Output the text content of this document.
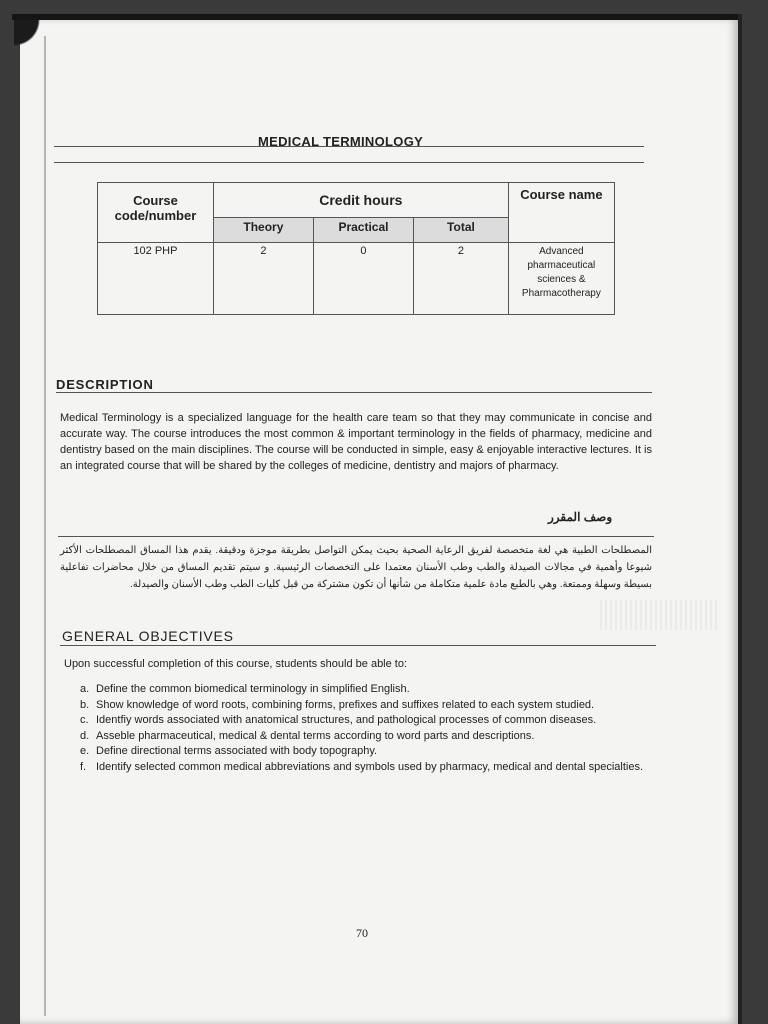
MEDICAL TERMINOLOGY
Course code/number	Credit hours			Course name
	Theory	Practical	Total	
102 PHP	2	0	2	Advanced pharmaceutical sciences & Pharmacotherapy
DESCRIPTION
Medical Terminology is a specialized language for the health care team so that they may communicate in concise and accurate way. The course introduces the most common & important terminology in the fields of pharmacy, medicine and dentistry based on the main disciplines. The course will be conducted in simple, easy & enjoyable interactive lectures. It is an integrated course that will be shared by the colleges of medicine, dentistry and majors of pharmacy.
وصف المقرر
المصطلحات الطبية هي لغة متخصصة لفريق الرعاية الصحية بحيث يمكن التواصل بطريقة موجزة ودقيقة. يقدم هذا المساق المصطلحات الأكثر شيوعا وأهمية في مجالات الصيدلة والطب وطب الأسنان معتمدا على التخصصات الرئيسية. و سيتم تقديم المساق من خلال محاضرات تفاعلية بسيطة وسهلة وممتعة. وهي بالطبع مادة علمية متكاملة من شأنها أن تكون مشتركة من قبل كليات الطب وطب الأسنان والصيدلة.
GENERAL OBJECTIVES
Upon successful completion of this course, students should be able to:
a. Define the common biomedical terminology in simplified English.
b. Show knowledge of word roots, combining forms, prefixes and suffixes related to each system studied.
c. Identfiy words associated with anatomical structures, and pathological processes of common diseases.
d. Asseble pharmaceutical, medical & dental terms according to word parts and descriptions.
e. Define directional terms associated with body topography.
f. Identify selected common medical abbreviations and symbols used by pharmacy, medical and dental specialties.
70
